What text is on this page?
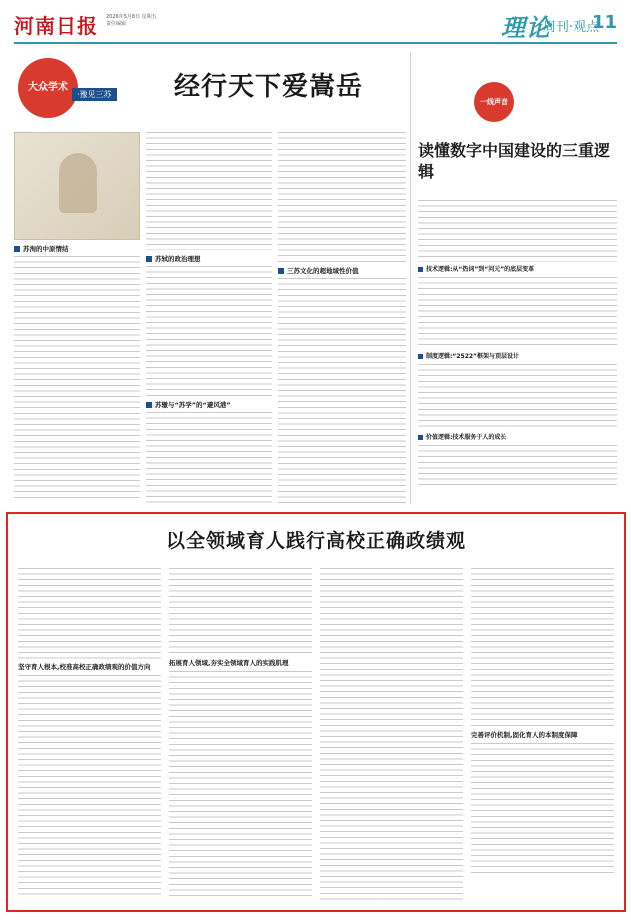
河南日报 2026年5月8日 星期五
责任编辑	理论
周刊·观点
11
大众学术
·豫见三苏 经行天下爱嵩岳
苏洵的中原情结
苏轼的政治理想
苏辙与“苏学”的“避风港”
三苏文化的超地域性价值
一线声音
读懂数字中国建设的三重逻辑
技术逻辑:从“热词”到“问元”的底层变革
制度逻辑:“2522”框架与顶层设计
价值逻辑:技术服务于人的成长
以全领域育人践行高校正确政绩观
坚守育人根本,校准高校正确政绩观的价值方向	拓展育人领域,夯实全领域育人的实践肌理
完善评价机制,固化育人的本制度保障
